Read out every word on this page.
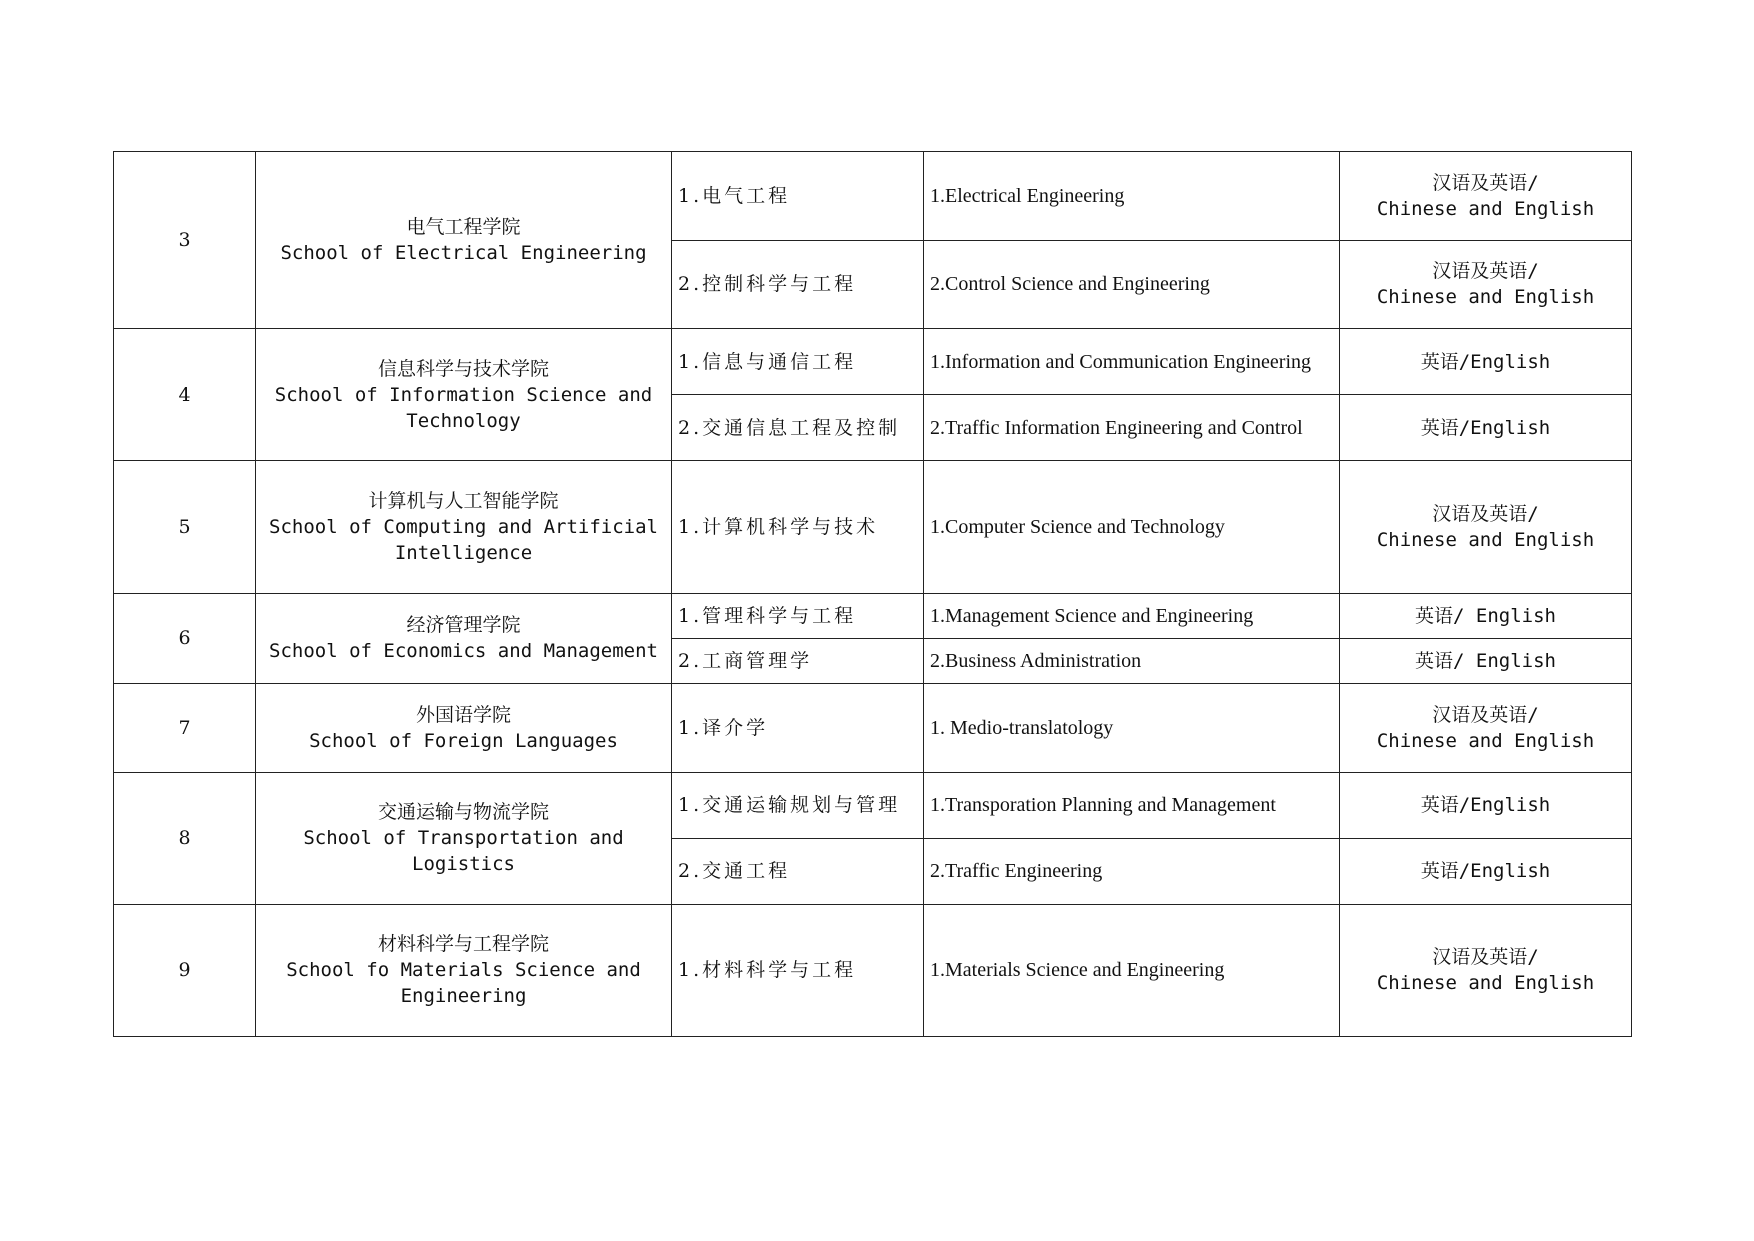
3	电气工程学院
School of Electrical Engineering	1.电气工程	1.Electrical Engineering	汉语及英语/
Chinese and English

		2.控制科学与工程	2.Control Science and Engineering	汉语及英语/
Chinese and English

4	信息科学与技术学院
School of Information Science and Technology	1.信息与通信工程	1.Information and Communication Engineering	英语/English

		2.交通信息工程及控制	2.Traffic Information Engineering and Control	英语/English

5	计算机与人工智能学院
School of Computing and Artificial Intelligence	1.计算机科学与技术	1.Computer Science and Technology	汉语及英语/
Chinese and English

6	经济管理学院
School of Economics and Management	1.管理科学与工程	1.Management Science and Engineering	英语/ English

		2.工商管理学	2.Business Administration	英语/ English

7	外国语学院
School of Foreign Languages	1.译介学	1. Medio-translatology	汉语及英语/
Chinese and English

8	交通运输与物流学院
School of Transportation and Logistics	1.交通运输规划与管理	1.Transporation Planning and Management	英语/English

		2.交通工程	2.Traffic Engineering	英语/English

9	材料科学与工程学院
School fo Materials Science and Engineering	1.材料科学与工程	1.Materials Science and Engineering	汉语及英语/
Chinese and English
